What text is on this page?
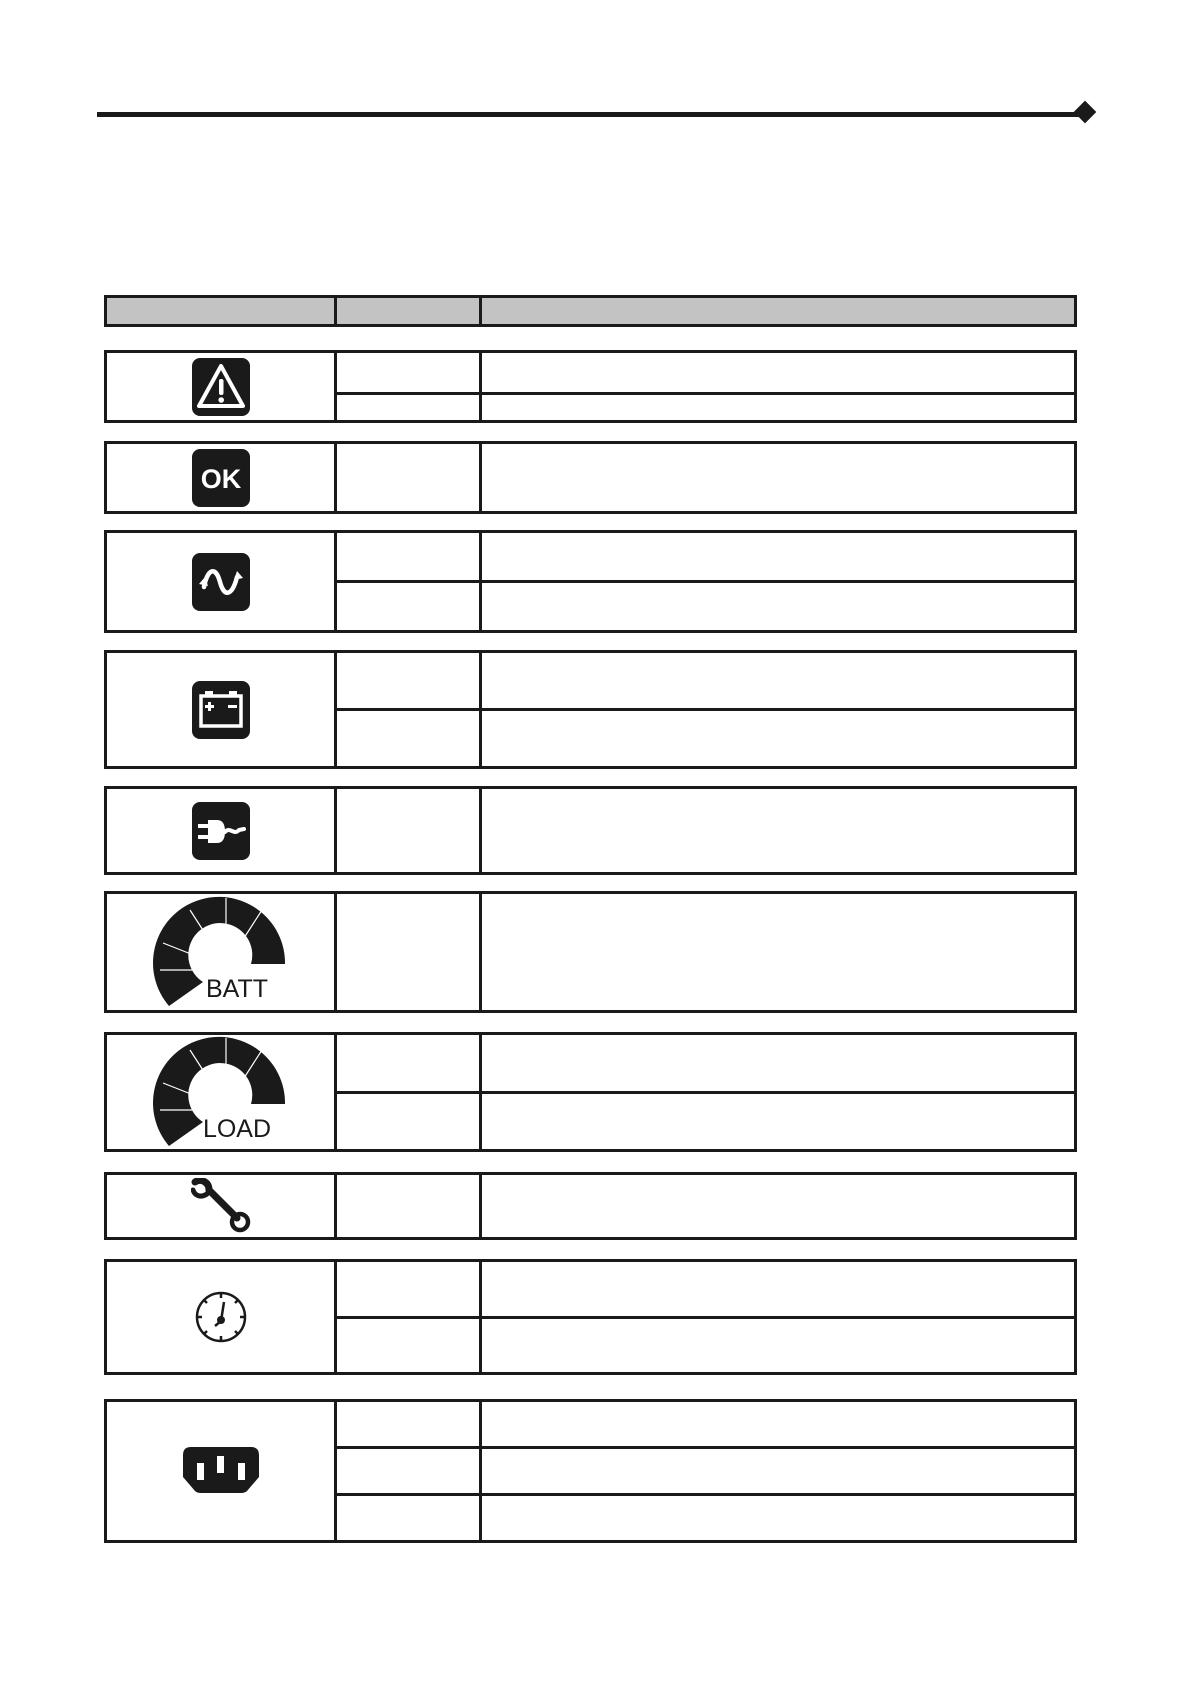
OK

BATT

LOAD		
